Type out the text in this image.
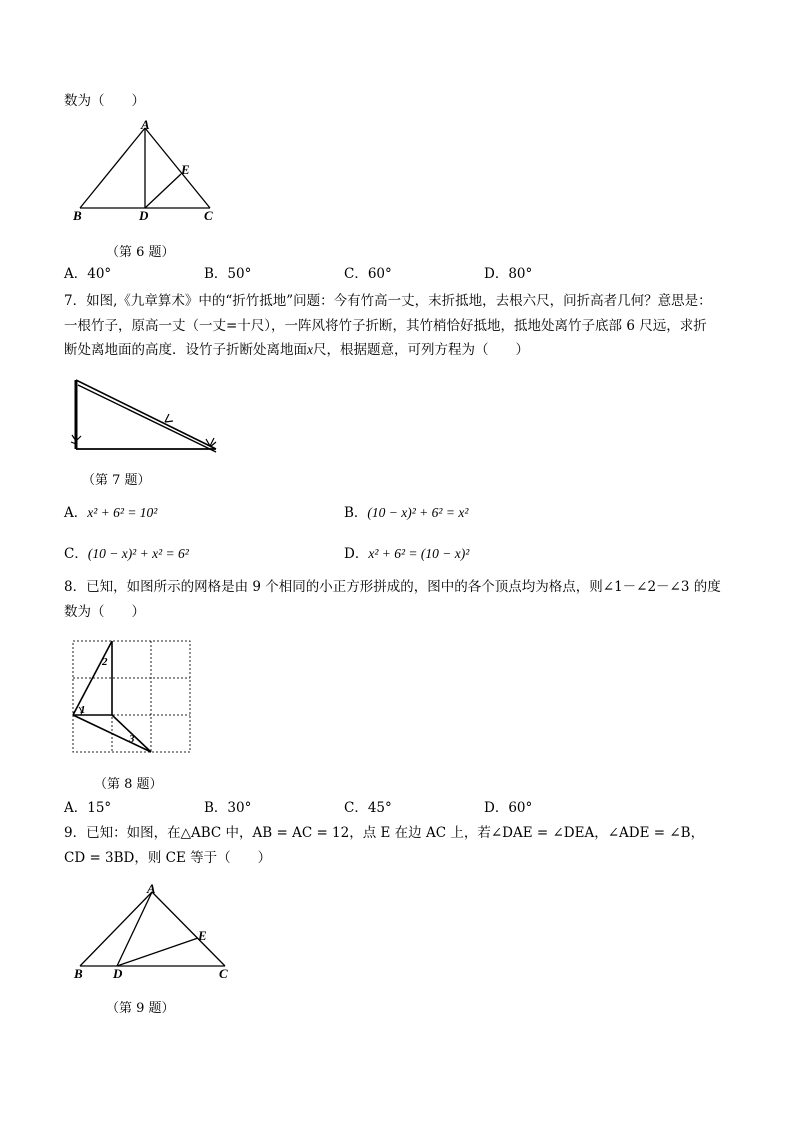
数为（　　）
A
B	D	C
E
（第 6 题）
A．40°	B．50°	C．60°	D．80°
7．如图,《九章算术》中的“折竹抵地”问题：今有竹高一丈，末折抵地，去根六尺，问折高者几何？意思是：
一根竹子，原高一丈（一丈=十尺），一阵风将竹子折断，其竹梢恰好抵地，抵地处离竹子底部 6 尺远，求折
断处离地面的高度．设竹子折断处离地面x尺，根据题意，可列方程为（　　）
（第 7 题）
A．x² + 6² = 10²	B．(10 − x)² + 6² = x²
C．(10 − x)² + x² = 6²	D．x² + 6² = (10 − x)²
8．已知，如图所示的网格是由 9 个相同的小正方形拼成的，图中的各个顶点均为格点，则∠1－∠2－∠3 的度
数为（　　）
1
2
3
（第 8 题）
A．15°	B．30°	C．45°	D．60°
9．已知：如图，在△ABC 中，AB = AC = 12，点 E 在边 AC 上，若∠DAE = ∠DEA，∠ADE = ∠B，
CD = 3BD，则 CE 等于（　　）
A
B D	C
E
（第 9 题）
